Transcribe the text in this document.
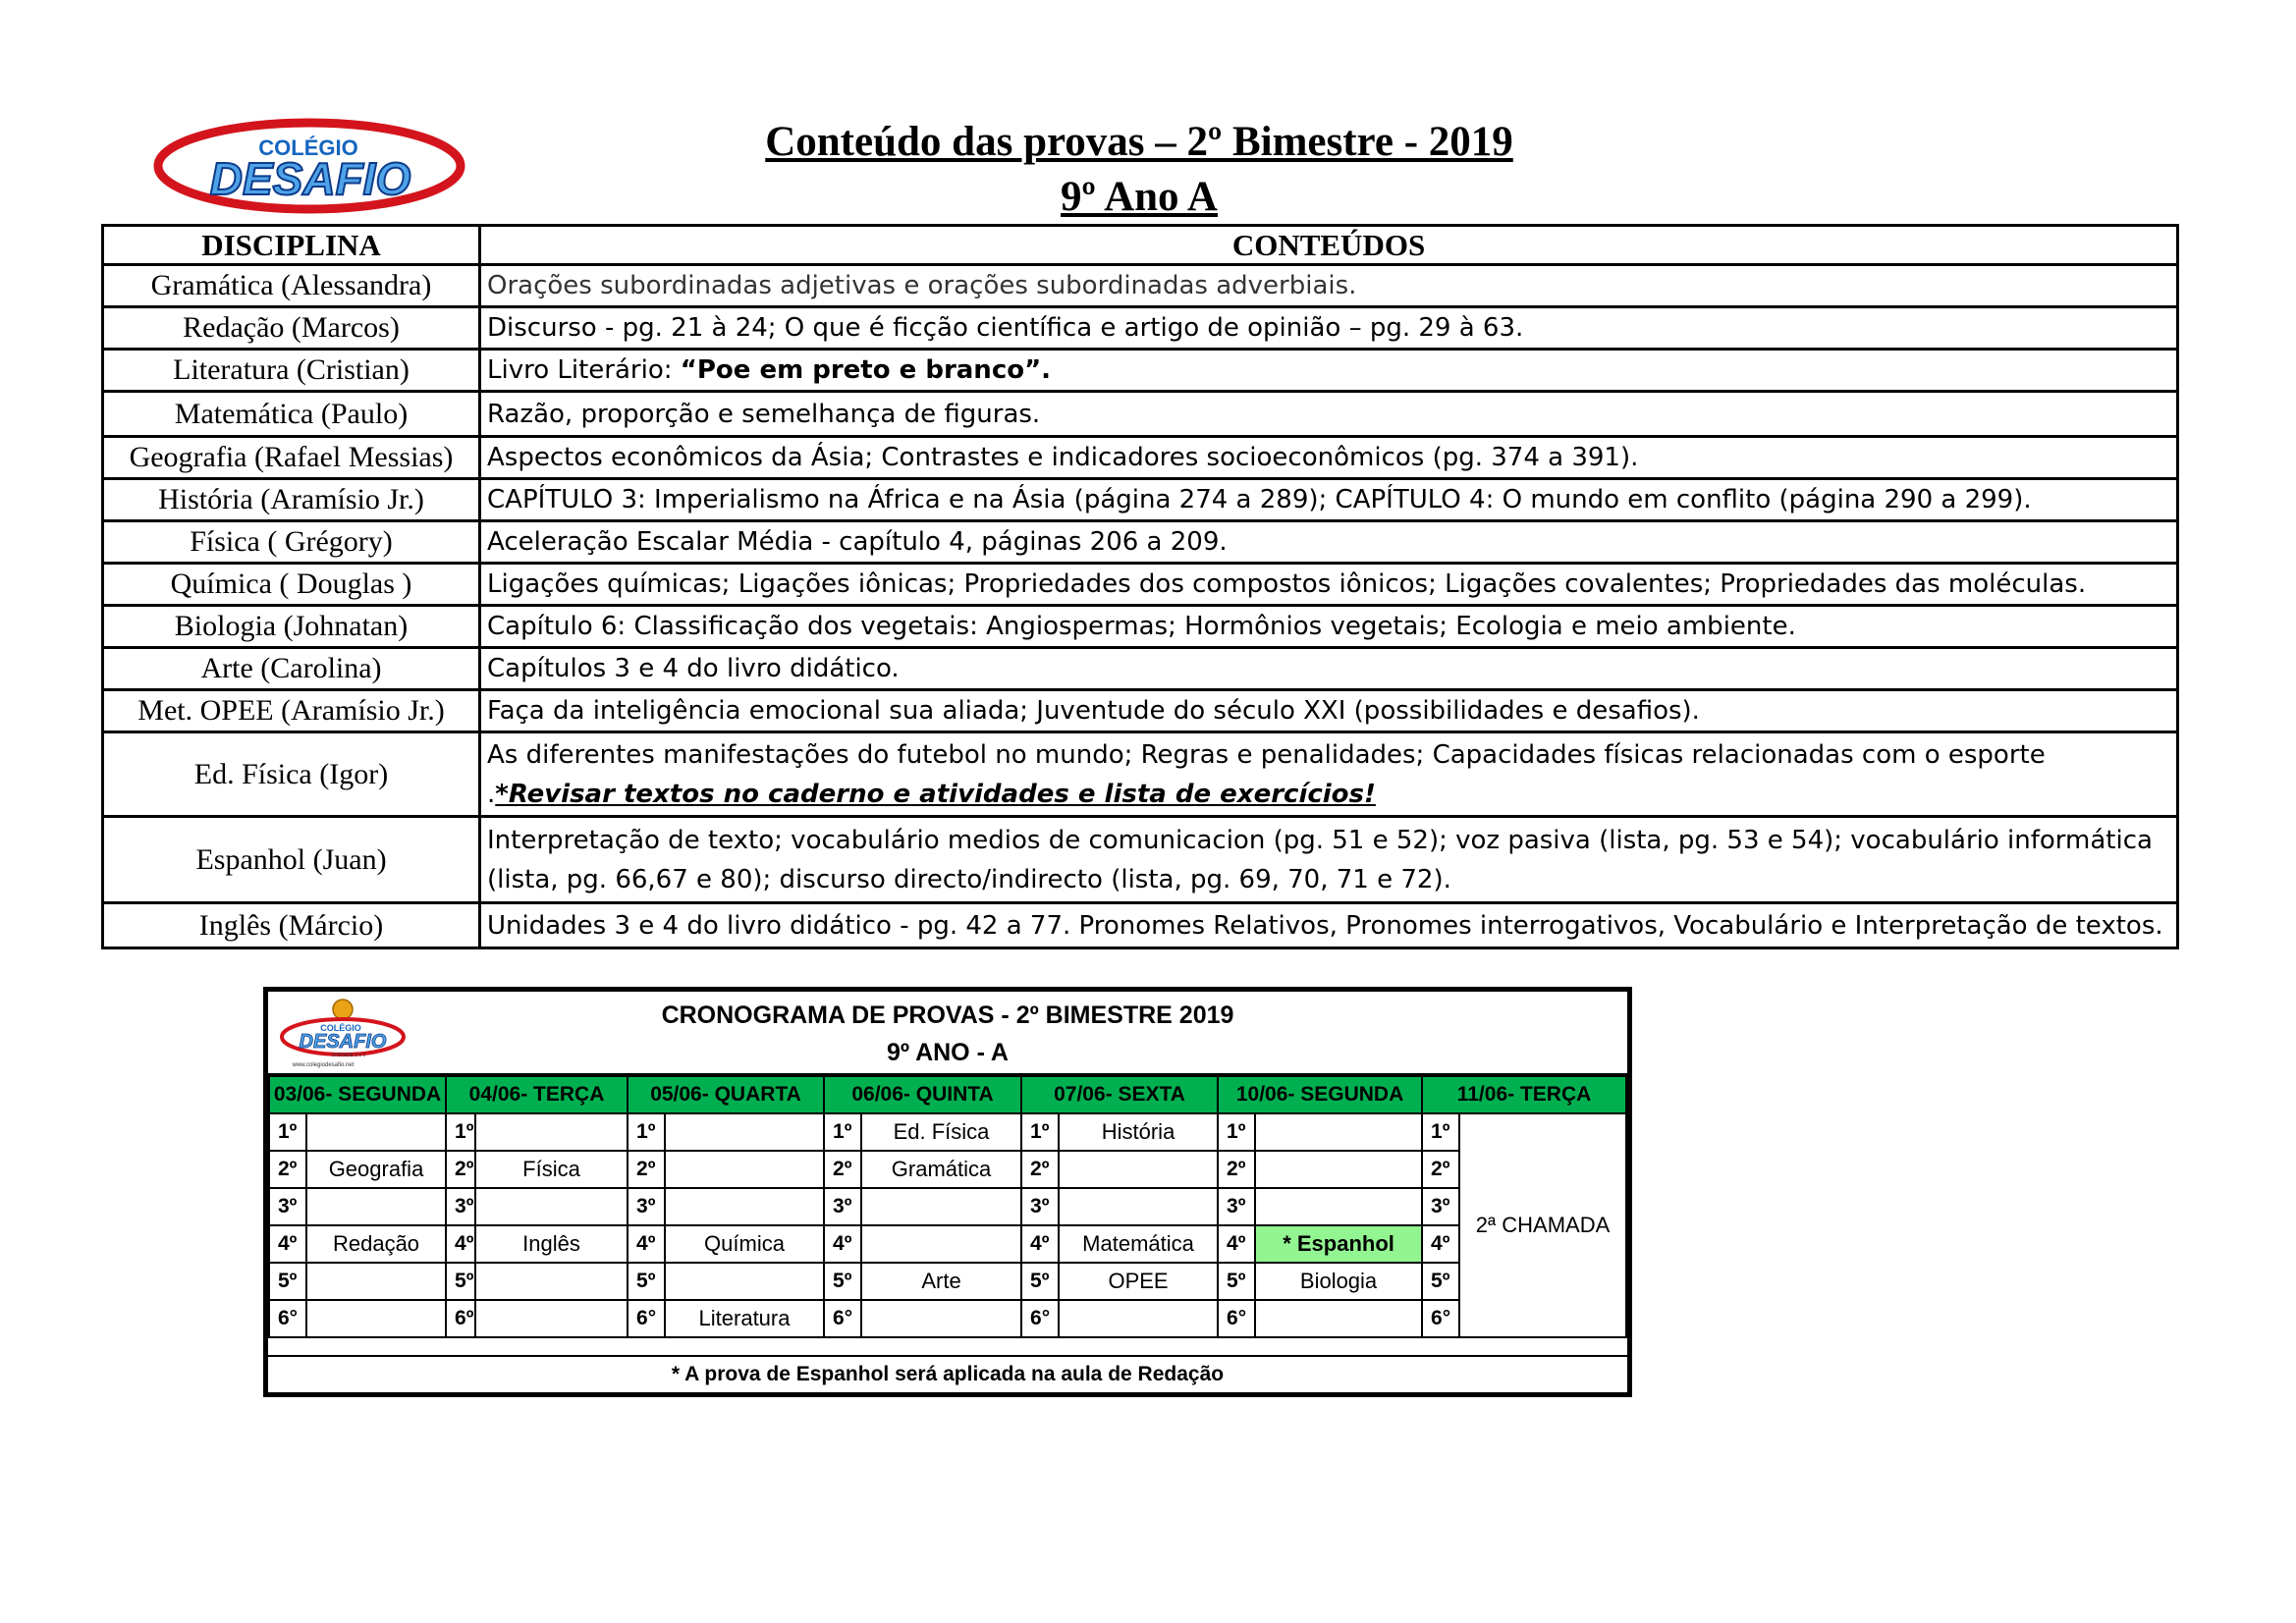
COLÉGIO
DESAFIO
Conteúdo das provas – 2º Bimestre - 2019
9º Ano A
DISCIPLINA	CONTEÚDOS
Gramática (Alessandra)	Orações subordinadas adjetivas e orações subordinadas adverbiais.
Redação (Marcos)	Discurso - pg. 21 à 24; O que é ficção científica e artigo de opinião – pg. 29 à 63.
Literatura (Cristian)	Livro Literário: “Poe em preto e branco”.
Matemática (Paulo)	Razão, proporção e semelhança de figuras.
Geografia (Rafael Messias)	Aspectos econômicos da Ásia; Contrastes e indicadores socioeconômicos (pg. 374 a 391).
História (Aramísio Jr.)	CAPÍTULO 3: Imperialismo na África e na Ásia (página 274 a 289); CAPÍTULO 4: O mundo em conflito (página 290 a 299).
Física ( Grégory)	Aceleração Escalar Média - capítulo 4, páginas 206 a 209.
Química ( Douglas )	Ligações químicas; Ligações iônicas; Propriedades dos compostos iônicos; Ligações covalentes; Propriedades das moléculas.
Biologia (Johnatan)	Capítulo 6: Classificação dos vegetais: Angiospermas; Hormônios vegetais; Ecologia e meio ambiente.
Arte (Carolina)	Capítulos 3 e 4 do livro didático.
Met. OPEE (Aramísio Jr.)	Faça da inteligência emocional sua aliada; Juventude do século XXI (possibilidades e desafios).
Ed. Física (Igor)	As diferentes manifestações do futebol no mundo; Regras e penalidades; Capacidades físicas relacionadas com o esporte .*Revisar textos no caderno e atividades e lista de exercícios!
Espanhol (Juan)	Interpretação de texto; vocabulário medios de comunicacion (pg. 51 e 52); voz pasiva (lista, pg. 53 e 54); vocabulário informática (lista, pg. 66,67 e 80); discurso directo/indirecto (lista, pg. 69, 70, 71 e 72).
Inglês (Márcio)	Unidades 3 e 4 do livro didático - pg. 42 a 77. Pronomes Relativos, Pronomes interrogativos, Vocabulário e Interpretação de textos.
COLÉGIO
DESAFIO
UNIDADE 1 e 2
www.colegiodesafio.net
CRONOGRAMA DE PROVAS - 2º BIMESTRE 2019
9º ANO - A
03/06- SEGUNDA		04/06- TERÇA		05/06- QUARTA		06/06- QUINTA		07/06- SEXTA		10/06- SEGUNDA		11/06- TERÇA	
1º		1º		1º		1º	Ed. Física	1º	História	1º		1º	2ª CHAMADA
2º	Geografia	2º	Física	2º		2º	Gramática	2º		2º		2º	
3º		3º		3º		3º		3º		3º		3º	
4º	Redação	4º	Inglês	4º	Química	4º		4º	Matemática	4º	* Espanhol	4º	
5º		5º		5º		5º	Arte	5º	OPEE	5º	Biologia	5º	
6°		6º		6°	Literatura	6°		6°		6°		6°	
* A prova de Espanhol será aplicada na aula de Redação
